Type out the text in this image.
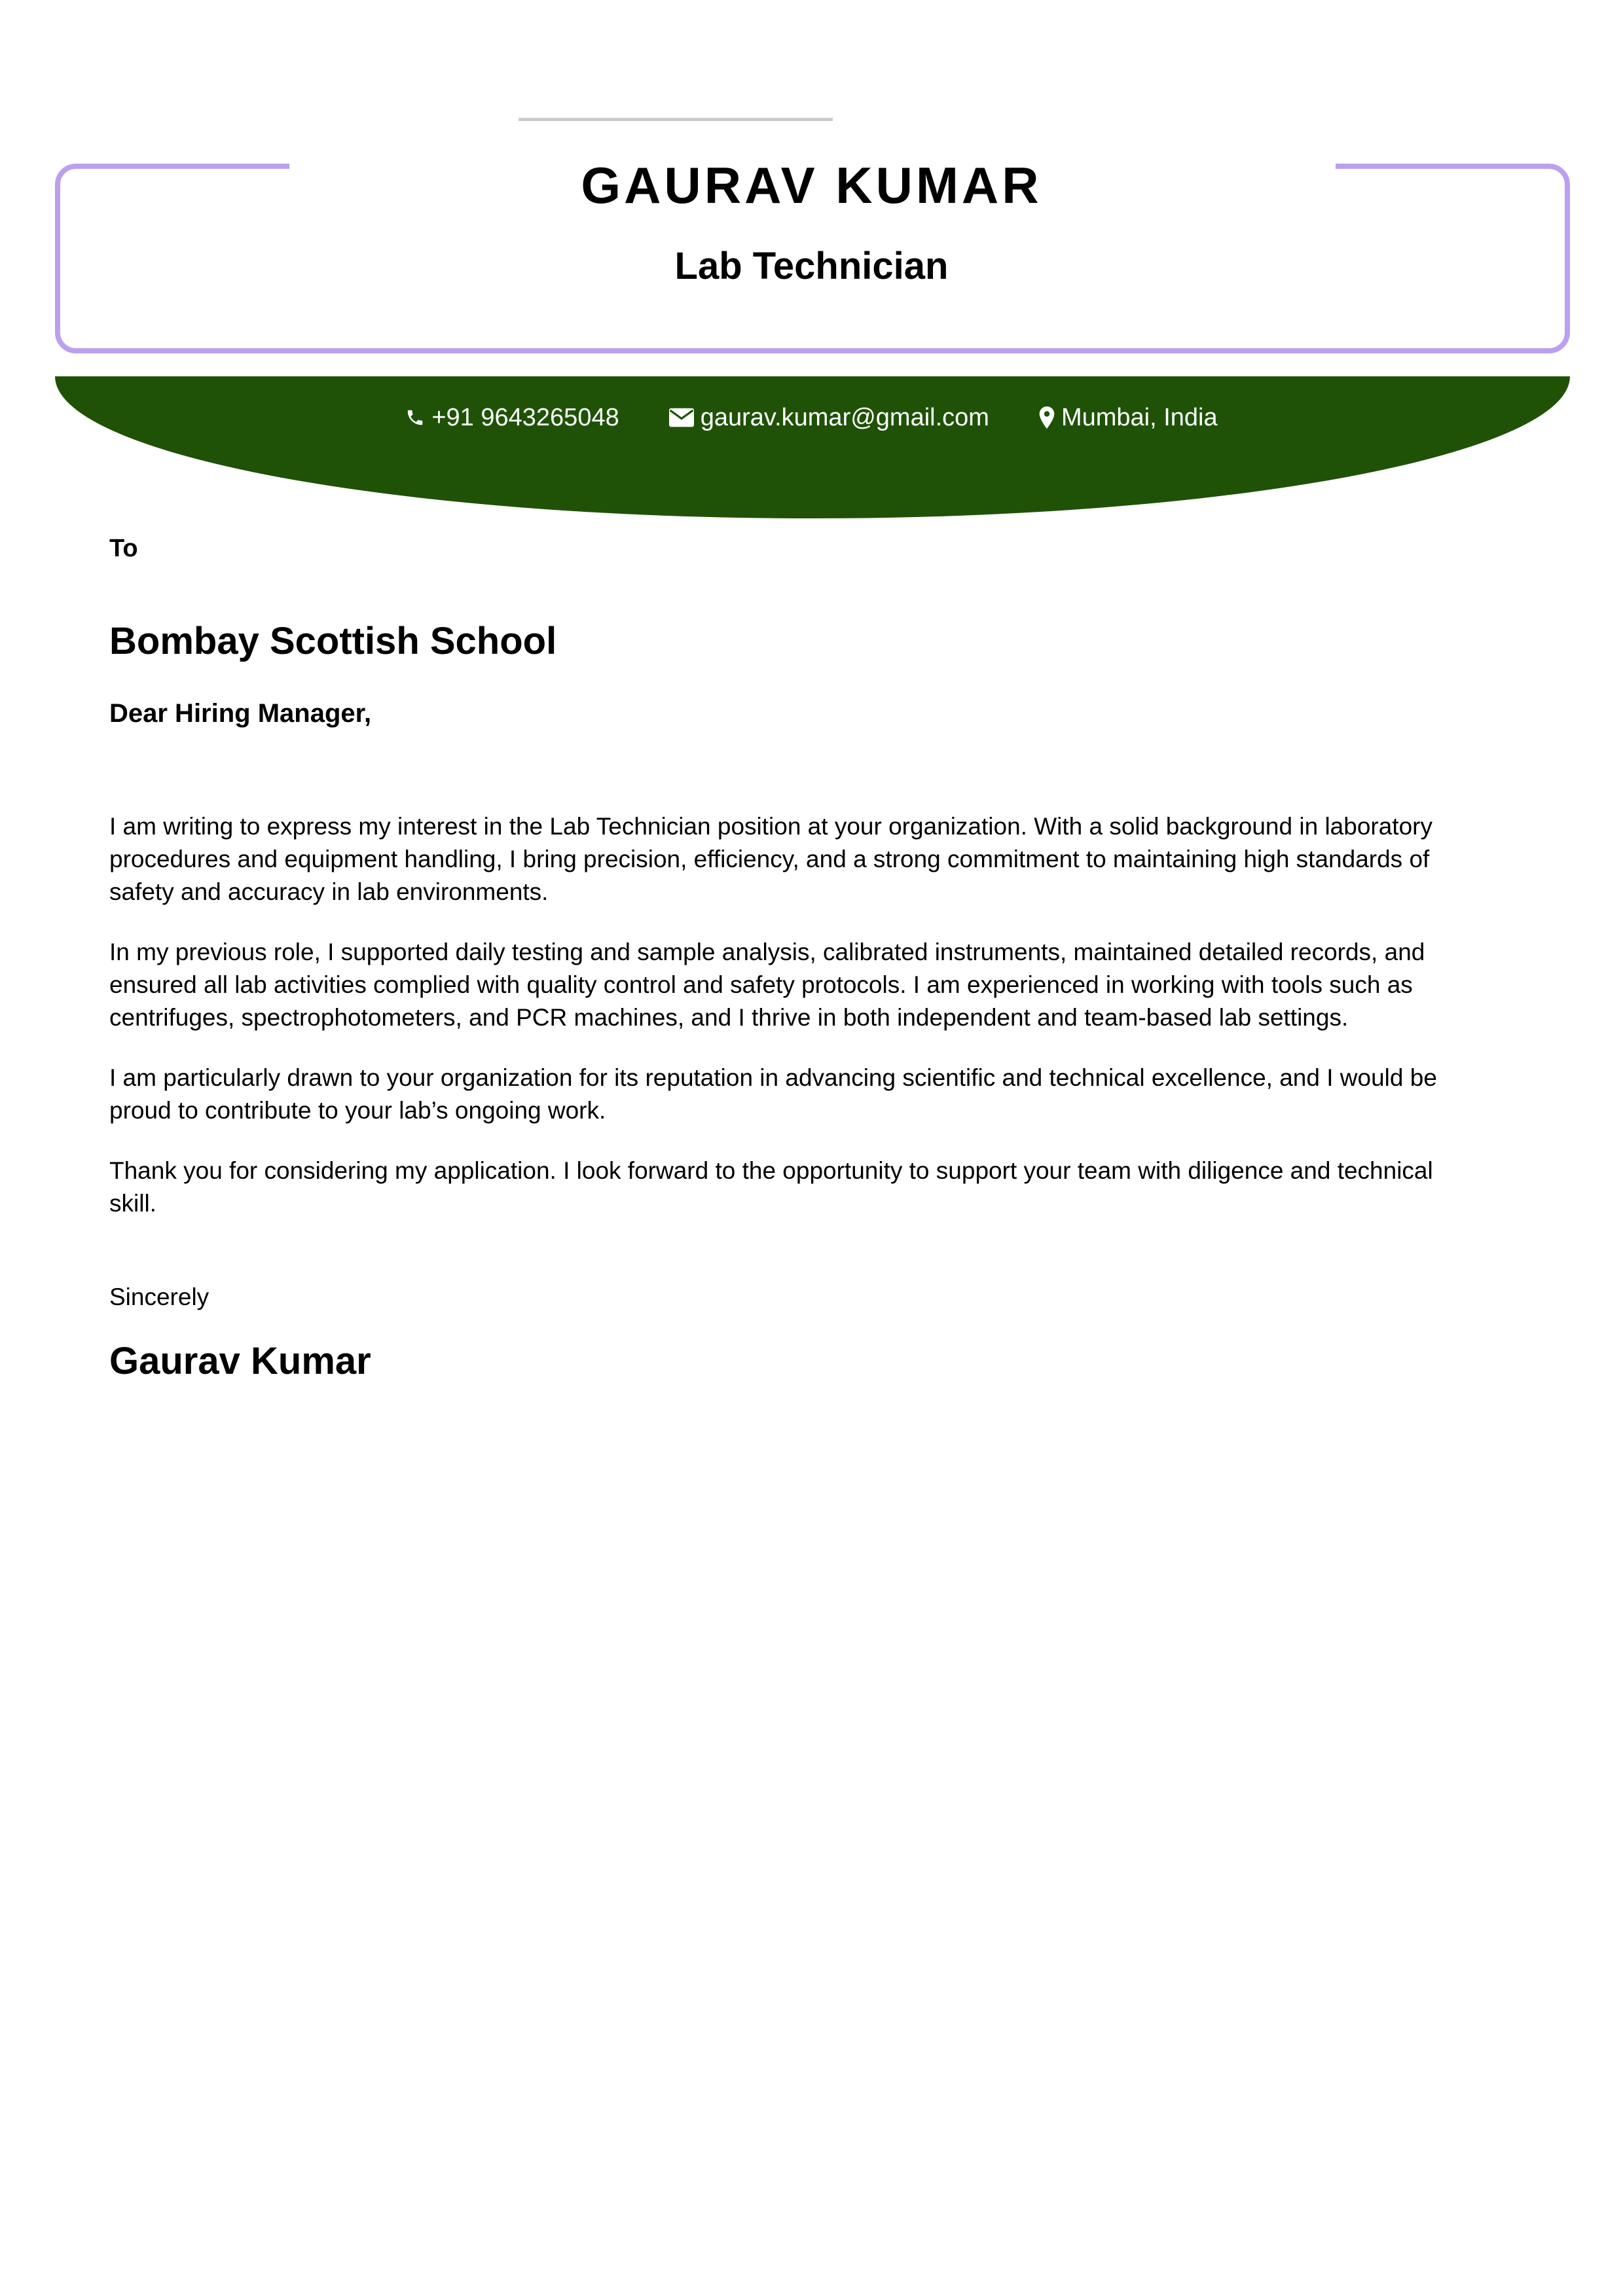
GAURAV KUMAR
Lab Technician
+91 9643265048	gaurav.kumar@gmail.com	Mumbai, India

To

Bombay Scottish School

Dear Hiring Manager,

I am writing to express my interest in the Lab Technician position at your organization. With a solid background in laboratory procedures and equipment handling, I bring precision, efficiency, and a strong commitment to maintaining high standards of safety and accuracy in lab environments.

In my previous role, I supported daily testing and sample analysis, calibrated instruments, maintained detailed records, and ensured all lab activities complied with quality control and safety protocols. I am experienced in working with tools such as centrifuges, spectrophotometers, and PCR machines, and I thrive in both independent and team-based lab settings.

I am particularly drawn to your organization for its reputation in advancing scientific and technical excellence, and I would be proud to contribute to your lab’s ongoing work.

Thank you for considering my application. I look forward to the opportunity to support your team with diligence and technical skill.

Sincerely

Gaurav Kumar
